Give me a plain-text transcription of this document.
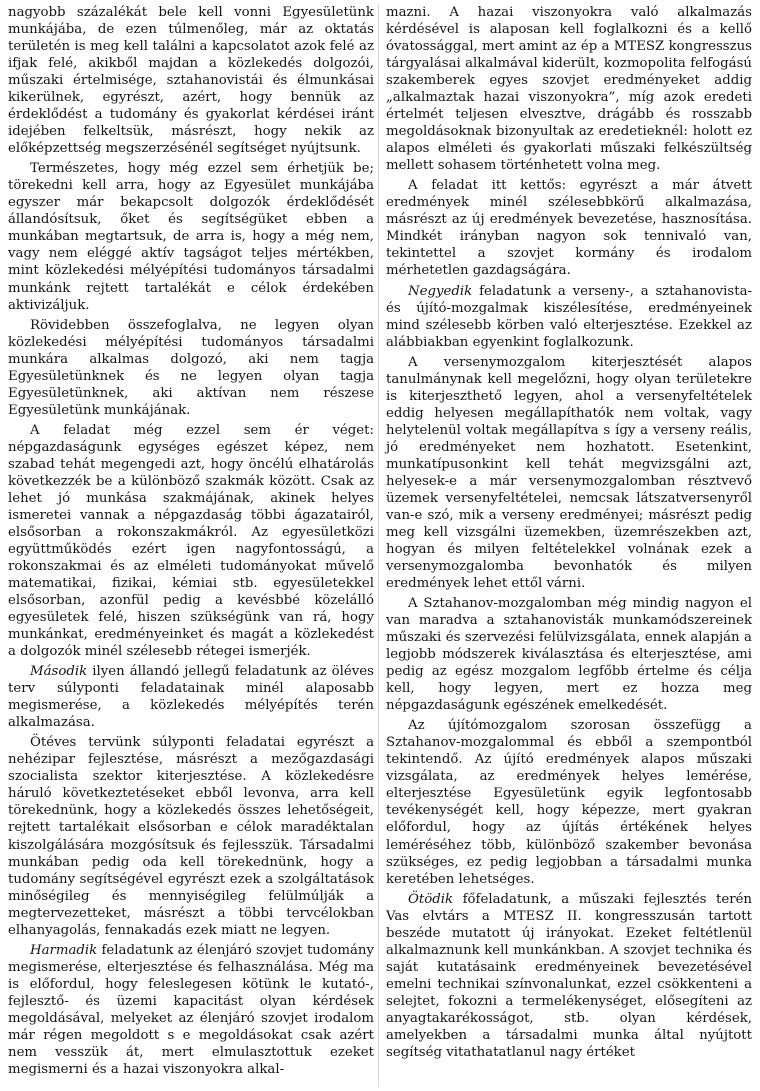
nagyobb százalékát bele kell vonni Egyesületünk munkájába, de ezen túlmenőleg, már az oktatás területén is meg kell találni a kapcsolatot azok felé az ifjak felé, akikből majdan a közlekedés dolgozói, műszaki értelmisége, sztahanovistái és élmunkásai kikerülnek, egyrészt, azért, hogy bennük az érdeklődést a tudomány és gyakorlat kérdései iránt idejében felkeltsük, másrészt, hogy nekik az előképzettség megszerzésénél segítséget nyújtsunk.

Természetes, hogy még ezzel sem érhetjük be; törekedni kell arra, hogy az Egyesület munkájába egyszer már bekapcsolt dolgozók érdeklődését állandósítsuk, őket és segítségüket ebben a munkában megtartsuk, de arra is, hogy a még nem, vagy nem eléggé aktív tagságot teljes mértékben, mint közlekedési mélyépítési tudományos társadalmi munkánk rejtett tartalékát e célok érdekében aktivizáljuk.

Rövidebben összefoglalva, ne legyen olyan közlekedési mélyépítési tudományos társadalmi munkára alkalmas dolgozó, aki nem tagja Egyesületünknek és ne legyen olyan tagja Egyesületünknek, aki aktívan nem részese Egyesületünk munkájának.

A feladat még ezzel sem ér véget: népgazdaságunk egységes egészet képez, nem szabad tehát megengedi azt, hogy öncélú elhatárolás következzék be a különböző szakmák között. Csak az lehet jó munkása szakmájának, akinek helyes ismeretei vannak a népgazdaság többi ágazatairól, elsősorban a rokonszakmákról. Az egyesületközi együttműködés ezért igen nagyfontosságú, a rokonszakmai és az elméleti tudományokat művelő matematikai, fizikai, kémiai stb. egyesületekkel elsősorban, azonfül pedig a kevésbbé közelálló egyesületek felé, hiszen szükségünk van rá, hogy munkánkat, eredményeinket és magát a közlekedést a dolgozók minél szélesebb rétegei ismerjék.

Második ilyen állandó jellegű feladatunk az öléves terv súlyponti feladatainak minél alaposabb megismerése, a közlekedés mélyépítés terén alkalmazása.

Ötéves tervünk súlyponti feladatai egyrészt a nehézipar fejlesztése, másrészt a mezőgazdasági szocialista szektor kiterjesztése. A közlekedésre háruló következtetéseket ebből levonva, arra kell törekednünk, hogy a közlekedés összes lehetőségeit, rejtett tartalékait elsősorban e célok maradéktalan kiszolgálására mozgósítsuk és fejlesszük. Társadalmi munkában pedig oda kell törekednünk, hogy a tudomány segítségével egyrészt ezek a szolgáltatások minőségileg és mennyiségileg felülmúlják a megtervezetteket, másrészt a többi tervcélokban elhanyagolás, fennakadás ezek miatt ne legyen.

Harmadik feladatunk az élenjáró szovjet tudomány megismerése, elterjesztése és felhasználása. Még ma is előfordul, hogy feleslegesen kötünk le kutató-, fejlesztő- és üzemi kapacitást olyan kérdések megoldásával, melyeket az élenjáró szovjet irodalom már régen megoldott s e megoldásokat csak azért nem vesszük át, mert elmulasztottuk ezeket megismerni és a hazai viszonyokra alkal-

mazni. A hazai viszonyokra való alkalmazás kérdésével is alaposan kell foglalkozni és a kellő óvatossággal, mert amint az ép a MTESZ kongresszus tárgyalásai alkalmával kiderült, kozmopolita felfogású szakemberek egyes szovjet eredményeket addig „alkalmaztak hazai viszonyokra”, míg azok eredeti értelmét teljesen elvesztve, drágább és rosszabb megoldásoknak bizonyultak az eredetieknél: holott ez alapos elméleti és gyakorlati műszaki felkészültség mellett sohasem történhetett volna meg.

A feladat itt kettős: egyrészt a már átvett eredmények minél szélesebbkörű alkalmazása, másrészt az új eredmények bevezetése, hasznosítása. Mindkét irányban nagyon sok tennivaló van, tekintettel a szovjet kormány és irodalom mérhetetlen gazdagságára.

Negyedik feladatunk a verseny-, a sztahanovista- és újító-mozgalmak kiszélesítése, eredményeinek mind szélesebb körben való elterjesztése. Ezekkel az alábbiakban egyenkint foglalkozunk.

A versenymozgalom kiterjesztését alapos tanulmánynak kell megelőzni, hogy olyan területekre is kiterjeszthető legyen, ahol a versenyfeltételek eddig helyesen megállapíthatók nem voltak, vagy helytelenül voltak megállapítva s így a verseny reális, jó eredményeket nem hozhatott. Esetenkint, munkatípusonkint kell tehát megvizsgálni azt, helyesek-e a már versenymozgalomban résztvevő üzemek versenyfeltételei, nemcsak látszatversenyről van-e szó, mik a verseny eredményei; másrészt pedig meg kell vizsgálni üzemekben, üzemrészekben azt, hogyan és milyen feltételekkel volnának ezek a versenymozgalomba bevonhatók és milyen eredmények lehet ettől várni.

A Sztahanov-mozgalomban még mindig nagyon el van maradva a sztahanovisták munkamódszereinek műszaki és szervezési felülvizsgálata, ennek alapján a legjobb módszerek kiválasztása és elterjesztése, ami pedig az egész mozgalom legfőbb értelme és célja kell, hogy legyen, mert ez hozza meg népgazdaságunk egészének emelkedését.

Az újítómozgalom szorosan összefügg a Sztahanov-mozgalommal és ebből a szempontból tekintendő. Az újító eredmények alapos műszaki vizsgálata, az eredmények helyes lemérése, elterjesztése Egyesületünk egyik legfontosabb tevékenységét kell, hogy képezze, mert gyakran előfordul, hogy az újítás értékének helyes leméréséhez több, különböző szakember bevonása szükséges, ez pedig legjobban a társadalmi munka keretében lehetséges.

Ötödik főfeladatunk, a műszaki fejlesztés terén Vas elvtárs a MTESZ II. kongresszusán tartott beszéde mutatott új irányokat. Ezeket feltétlenül alkalmaznunk kell munkánkban. A szovjet technika és saját kutatásaink eredményeinek bevezetésével emelni technikai színvonalunkat, ezzel csökkenteni a selejtet, fokozni a termelékenységet, elősegíteni az anyagtakarékosságot, stb. olyan kérdések, amelyekben a társadalmi munka által nyújtott segítség vitathatatlanul nagy értéket
